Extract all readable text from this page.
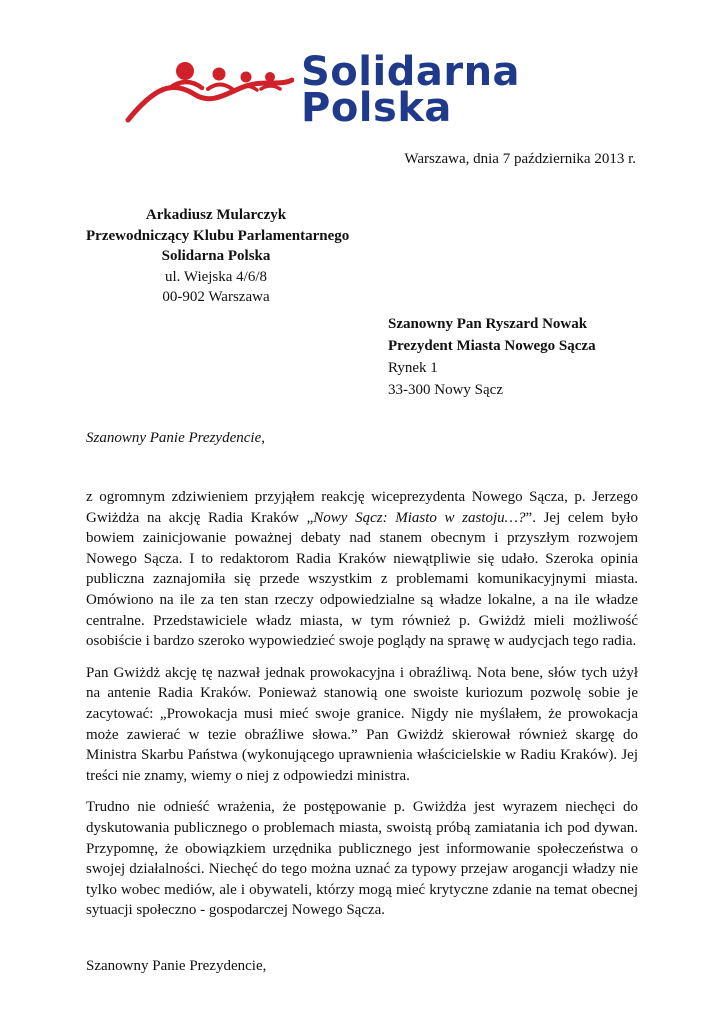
Solidarna
Polska
Warszawa, dnia 7 października 2013 r.
Arkadiusz Mularczyk
Przewodniczący Klubu Parlamentarnego
Solidarna Polska
ul. Wiejska 4/6/8
00-902 Warszawa
Szanowny Pan Ryszard Nowak
Prezydent Miasta Nowego Sącza
Rynek 1
33-300 Nowy Sącz
Szanowny Panie Prezydencie,

z ogromnym zdziwieniem przyjąłem reakcję wiceprezydenta Nowego Sącza, p. Jerzego Gwiżdża na akcję Radia Kraków „Nowy Sącz: Miasto w zastoju…?”. Jej celem było bowiem zainicjowanie poważnej debaty nad stanem obecnym i przyszłym rozwojem Nowego Sącza. I to redaktorom Radia Kraków niewątpliwie się udało. Szeroka opinia publiczna zaznajomiła się przede wszystkim z problemami komunikacyjnymi miasta. Omówiono na ile za ten stan rzeczy odpowiedzialne są władze lokalne, a na ile władze centralne. Przedstawiciele władz miasta, w tym również p. Gwiżdż mieli możliwość osobiście i bardzo szeroko wypowiedzieć swoje poglądy na sprawę w audycjach tego radia.

Pan Gwiżdż akcję tę nazwał jednak prowokacyjna i obraźliwą. Nota bene, słów tych użył na antenie Radia Kraków. Ponieważ stanowią one swoiste kuriozum pozwolę sobie je zacytować: „Prowokacja musi mieć swoje granice. Nigdy nie myślałem, że prowokacja może zawierać w tezie obraźliwe słowa.” Pan Gwiżdż skierował również skargę do Ministra Skarbu Państwa (wykonującego uprawnienia właścicielskie w Radiu Kraków). Jej treści nie znamy, wiemy o niej z odpowiedzi ministra.

Trudno nie odnieść wrażenia, że postępowanie p. Gwiżdża jest wyrazem niechęci do dyskutowania publicznego o problemach miasta, swoistą próbą zamiatania ich pod dywan. Przypomnę, że obowiązkiem urzędnika publicznego jest informowanie społeczeństwa o swojej działalności. Niechęć do tego można uznać za typowy przejaw arogancji władzy nie tylko wobec mediów, ale i obywateli, którzy mogą mieć krytyczne zdanie na temat obecnej sytuacji społeczno - gospodarczej Nowego Sącza.

Szanowny Panie Prezydencie,
